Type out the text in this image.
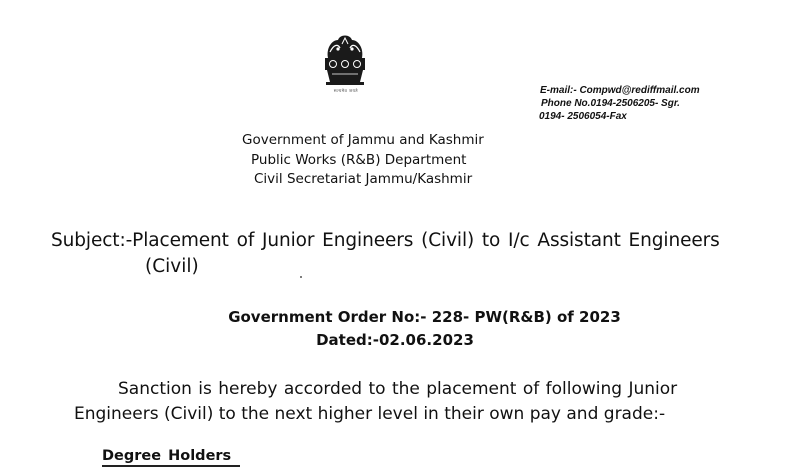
सत्यमेव जयते	E-mail:- Compwd@rediffmail.com
Phone No.0194-2506205- Sgr.
0194- 2506054-Fax
Government of Jammu and Kashmir
Public Works (R&B) Department
Civil Secretariat Jammu/Kashmir
Subject:-Placement of Junior Engineers (Civil) to I/c Assistant Engineers
(Civil)
Government Order No:- 228- PW(R&B) of 2023
Dated:-02.06.2023
Sanction is hereby accorded to the placement of following Junior
Engineers (Civil) to the next higher level in their own pay and grade:-
Degree Holders
